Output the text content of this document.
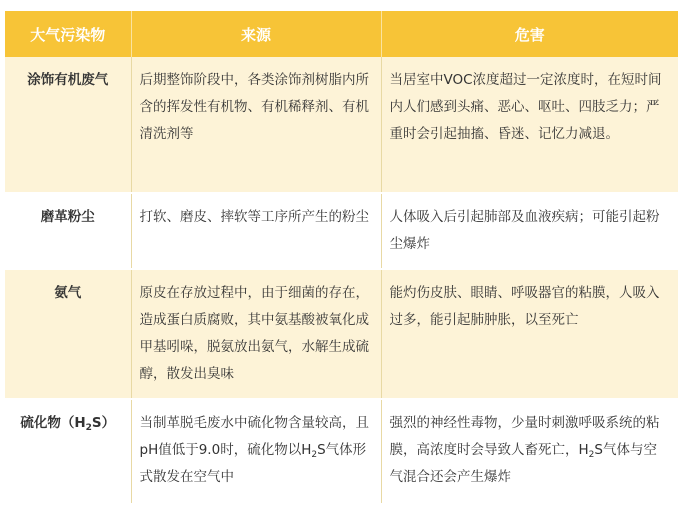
大气污染物	来源	危害
涂饰有机废气	后期整饰阶段中，各类涂饰剂树脂内所含的挥发性有机物、有机稀释剂、有机清洗剂等	当居室中VOC浓度超过一定浓度时，在短时间内人们感到头痛、恶心、呕吐、四肢乏力；严重时会引起抽搐、昏迷、记忆力减退。
磨革粉尘	打软、磨皮、摔软等工序所产生的粉尘	人体吸入后引起肺部及血液疾病；可能引起粉尘爆炸
氨气	原皮在存放过程中，由于细菌的存在，造成蛋白质腐败，其中氨基酸被氧化成甲基吲哚，脱氨放出氨气，水解生成硫醇，散发出臭味	能灼伤皮肤、眼睛、呼吸器官的粘膜，人吸入过多，能引起肺肿胀，以至死亡
硫化物$(H_2S)$	当制革脱毛废水中硫化物含量较高，且pH值低于9.0时，硫化物以$H_2S$气体形式散发在空气中	强烈的神经性毒物，少量时刺激呼吸系统的粘膜，高浓度时会导致人畜死亡，$H_2S$气体与空气混合还会产生爆炸
